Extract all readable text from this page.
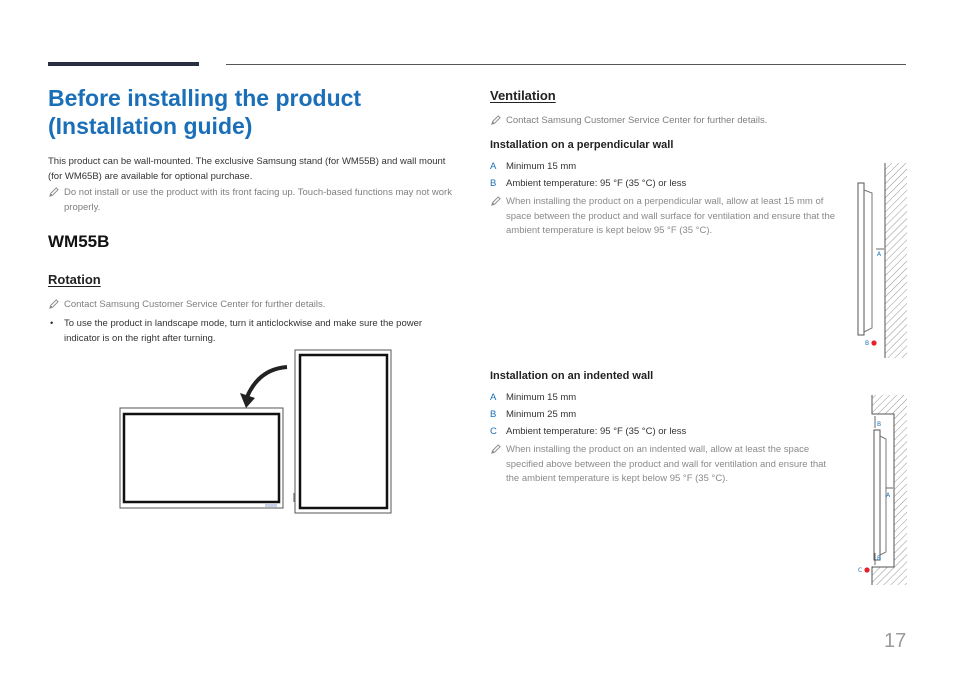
Before installing the product (Installation guide)

This product can be wall-mounted. The exclusive Samsung stand (for WM55B) and wall mount (for WM65B) are available for optional purchase.

Do not install or use the product with its front facing up. Touch-based functions may not work properly.
WM55B
Rotation
Contact Samsung Customer Service Center for further details.
• To use the product in landscape mode, turn it anticlockwise and make sure the power indicator is on the right after turning.
Ventilation
Contact Samsung Customer Service Center for further details.
Installation on a perpendicular wall
A Minimum 15 mm
B Ambient temperature: 95 °F (35 °C) or less
When installing the product on a perpendicular wall, allow at least 15 mm of space between the product and wall surface for ventilation and ensure that the ambient temperature is kept below 95 °F (35 °C).
A
B
Installation on an indented wall
A Minimum 15 mm
B Minimum 25 mm
C Ambient temperature: 95 °F (35 °C) or less
When installing the product on an indented wall, allow at least the space specified above between the product and wall for ventilation and ensure that the ambient temperature is kept below 95 °F (35 °C).
B
A
B
C
17
